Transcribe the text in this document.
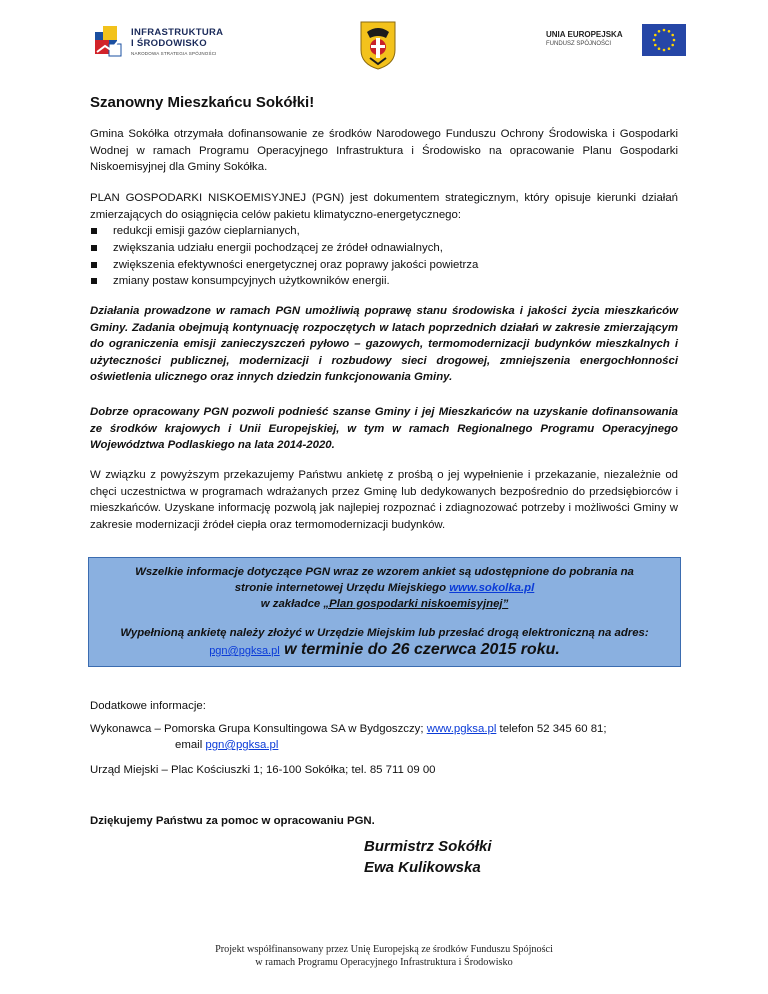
INFRASTRUKTURA
I ŚRODOWISKO
NARODOWA STRATEGIA SPÓJNOŚCI
UNIA EUROPEJSKA
FUNDUSZ SPÓJNOŚCI
Szanowny Mieszkańcu Sokółki!

Gmina Sokółka otrzymała dofinansowanie ze środków Narodowego Funduszu Ochrony Środowiska i Gospodarki Wodnej w ramach Programu Operacyjnego Infrastruktura i Środowisko na opracowanie Planu Gospodarki Niskoemisyjnej dla Gminy Sokółka.

PLAN GOSPODARKI NISKOEMISYJNEJ (PGN) jest dokumentem strategicznym, który opisuje kierunki działań zmierzających do osiągnięcia celów pakietu klimatyczno-energetycznego:

redukcji emisji gazów cieplarnianych,
zwiększania udziału energii pochodzącej ze źródeł odnawialnych,
zwiększenia efektywności energetycznej oraz poprawy jakości powietrza
zmiany postaw konsumpcyjnych użytkowników energii.

Działania prowadzone w ramach PGN umożliwią poprawę stanu środowiska i jakości życia mieszkańców Gminy. Zadania obejmują kontynuację rozpoczętych w latach poprzednich działań w zakresie zmierzającym do ograniczenia emisji zanieczyszczeń pyłowo – gazowych, termomodernizacji budynków mieszkalnych i użyteczności publicznej, modernizacji i rozbudowy sieci drogowej, zmniejszenia energochłonności oświetlenia ulicznego oraz innych dziedzin funkcjonowania Gminy.

Dobrze opracowany PGN pozwoli podnieść szanse Gminy i jej Mieszkańców na uzyskanie dofinansowania ze środków krajowych i Unii Europejskiej, w tym w ramach Regionalnego Programu Operacyjnego Województwa Podlaskiego na lata 2014-2020.

W związku z powyższym przekazujemy Państwu ankietę z prośbą o jej wypełnienie i przekazanie, niezależnie od chęci uczestnictwa w programach wdrażanych przez Gminę lub dedykowanych bezpośrednio do przedsiębiorców i mieszkańców. Uzyskane informację pozwolą jak najlepiej rozpoznać i zdiagnozować potrzeby i możliwości Gminy w zakresie modernizacji źródeł ciepła oraz termomodernizacji budynków.

Wszelkie informacje dotyczące PGN wraz ze wzorem ankiet są udostępnione do pobrania na
stronie internetowej Urzędu Miejskiego www.sokolka.pl
w zakładce „Plan gospodarki niskoemisyjnej”
Wypełnioną ankietę należy złożyć w Urzędzie Miejskim lub przesłać drogą elektroniczną na adres:
pgn@pgksa.pl w terminie do 26 czerwca 2015 roku.
Dodatkowe informacje:
Wykonawca – Pomorska Grupa Konsultingowa SA w Bydgoszczy; www.pgksa.pl telefon 52 345 60 81;
email pgn@pgksa.pl
Urząd Miejski – Plac Kościuszki 1; 16-100 Sokółka; tel. 85 711 09 00
Dziękujemy Państwu za pomoc w opracowaniu PGN.
Burmistrz Sokółki
Ewa Kulikowska
Projekt współfinansowany przez Unię Europejską ze środków Funduszu Spójności
w ramach Programu Operacyjnego Infrastruktura i Środowisko
